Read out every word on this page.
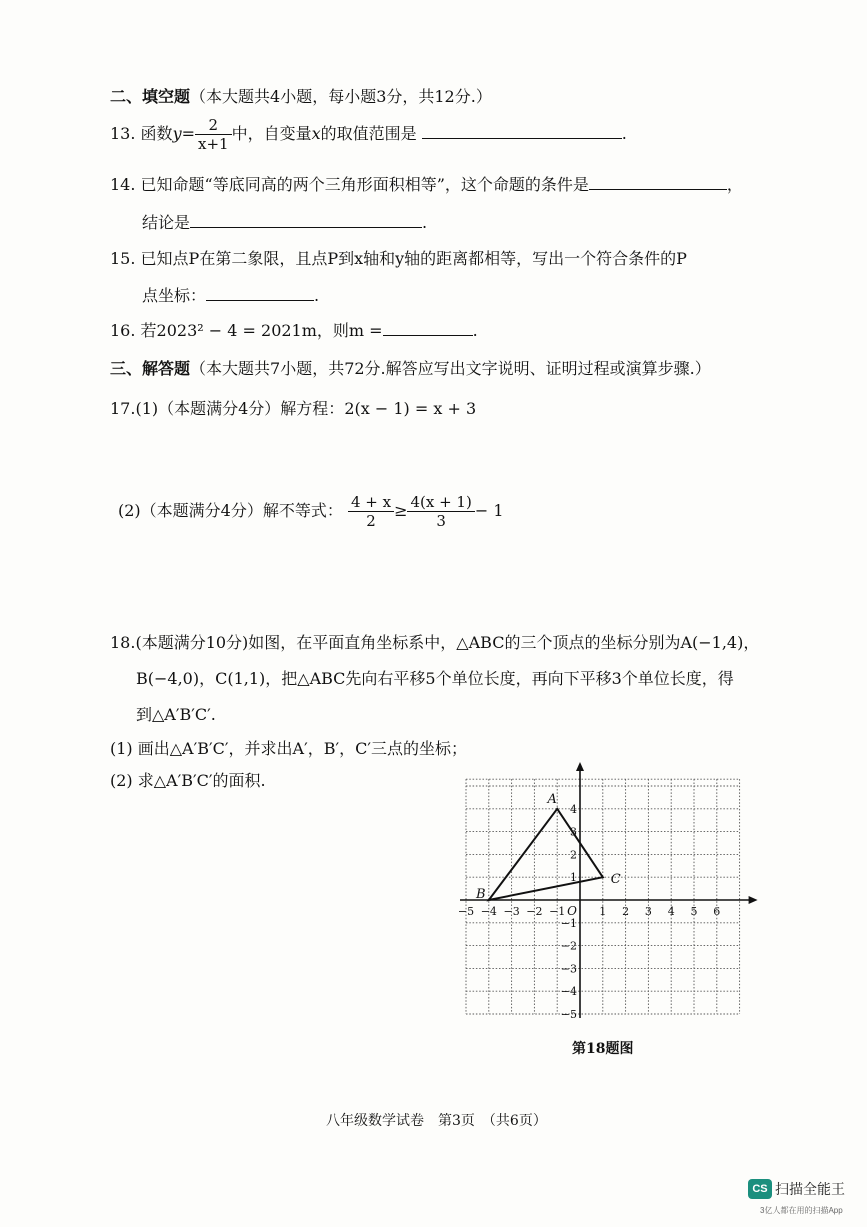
二、填空题（本大题共4小题，每小题3分，共12分.）
13. 函数$y= \frac{2}{x+1}$ 中，自变量x的取值范围是	.
14. 已知命题“等底同高的两个三角形面积相等”，这个命题的条件是	，
结论是	.
15. 已知点P在第二象限，且点P到x轴和y轴的距离都相等，写出一个符合条件的P
点坐标：	.
16. 若2023² − 4 = 2021m，则m =	.
三、解答题（本大题共7小题，共72分.解答应写出文字说明、证明过程或演算步骤.）
17.(1)（本题满分4分）解方程：2(x − 1) = x + 3
(2)（本题满分4分）解不等式： $\frac{4 + x}{2} \ge \frac{4(x + 1)}{3} - 1$
18.(本题满分10分)如图，在平面直角坐标系中，△ABC的三个顶点的坐标分别为A(−1,4)，
B(−4,0)，C(1,1)，把△ABC先向右平移5个单位长度，再向下平移3个单位长度，得
到△A′B′C′.
(1) 画出△A′B′C′，并求出A′，B′，C′三点的坐标；
(2) 求△A′B′C′的面积.
−5 −4 −3 −2 −1	1 2 3 4 5 6
4
3
2
1
−1
−2
−3
−4
−5
O
A
B
C
第18题图
八年级数学试卷　第3页　（共6页）
CS 扫描全能王
3亿人都在用的扫描App
